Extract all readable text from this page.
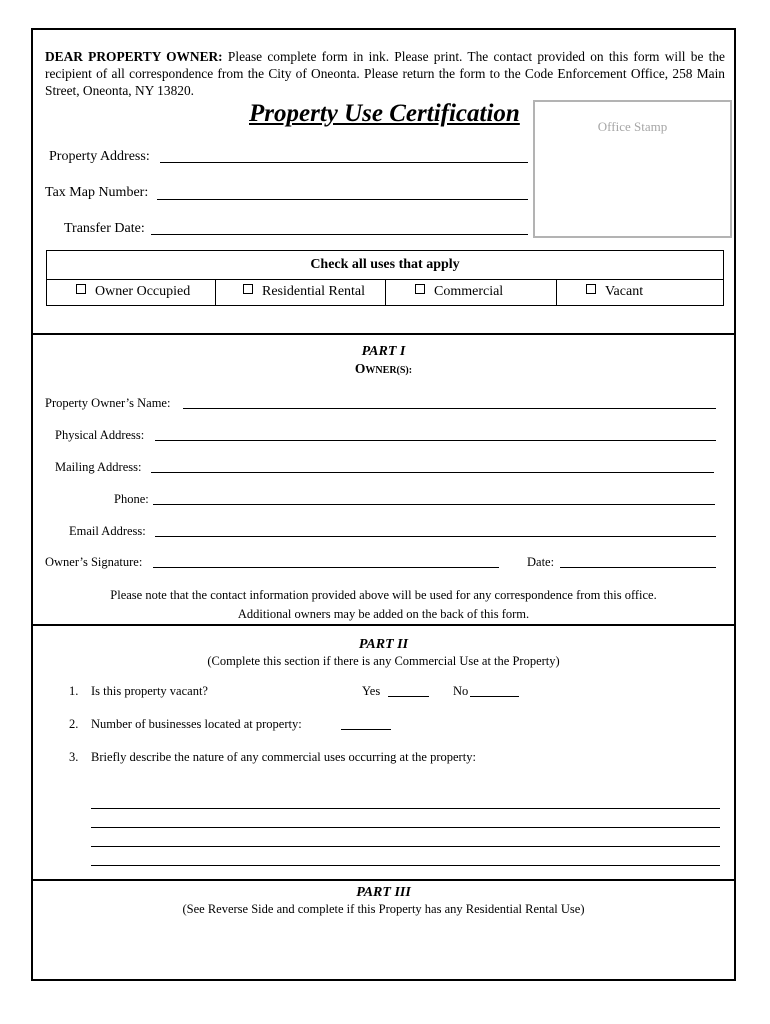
DEAR PROPERTY OWNER: Please complete form in ink. Please print. The contact provided on this form will be the recipient of all correspondence from the City of Oneonta. Please return the form to the Code Enforcement Office, 258 Main Street, Oneonta, NY 13820.
Property Use Certification	Office Stamp
Property Address:
Tax Map Number:
Transfer Date:
Check all uses that apply
Owner Occupied	Residential Rental	Commercial	Vacant
PART I
OWNER(S):
Property Owner’s Name:
Physical Address:
Mailing Address:
Phone:
Email Address:
Owner’s Signature:	Date:
Please note that the contact information provided above will be used for any correspondence from this office.
Additional owners may be added on the back of this form.
PART II
(Complete this section if there is any Commercial Use at the Property)
1. Is this property vacant?	Yes	No
2. Number of businesses located at property:
3. Briefly describe the nature of any commercial uses occurring at the property:
PART III
(See Reverse Side and complete if this Property has any Residential Rental Use)
